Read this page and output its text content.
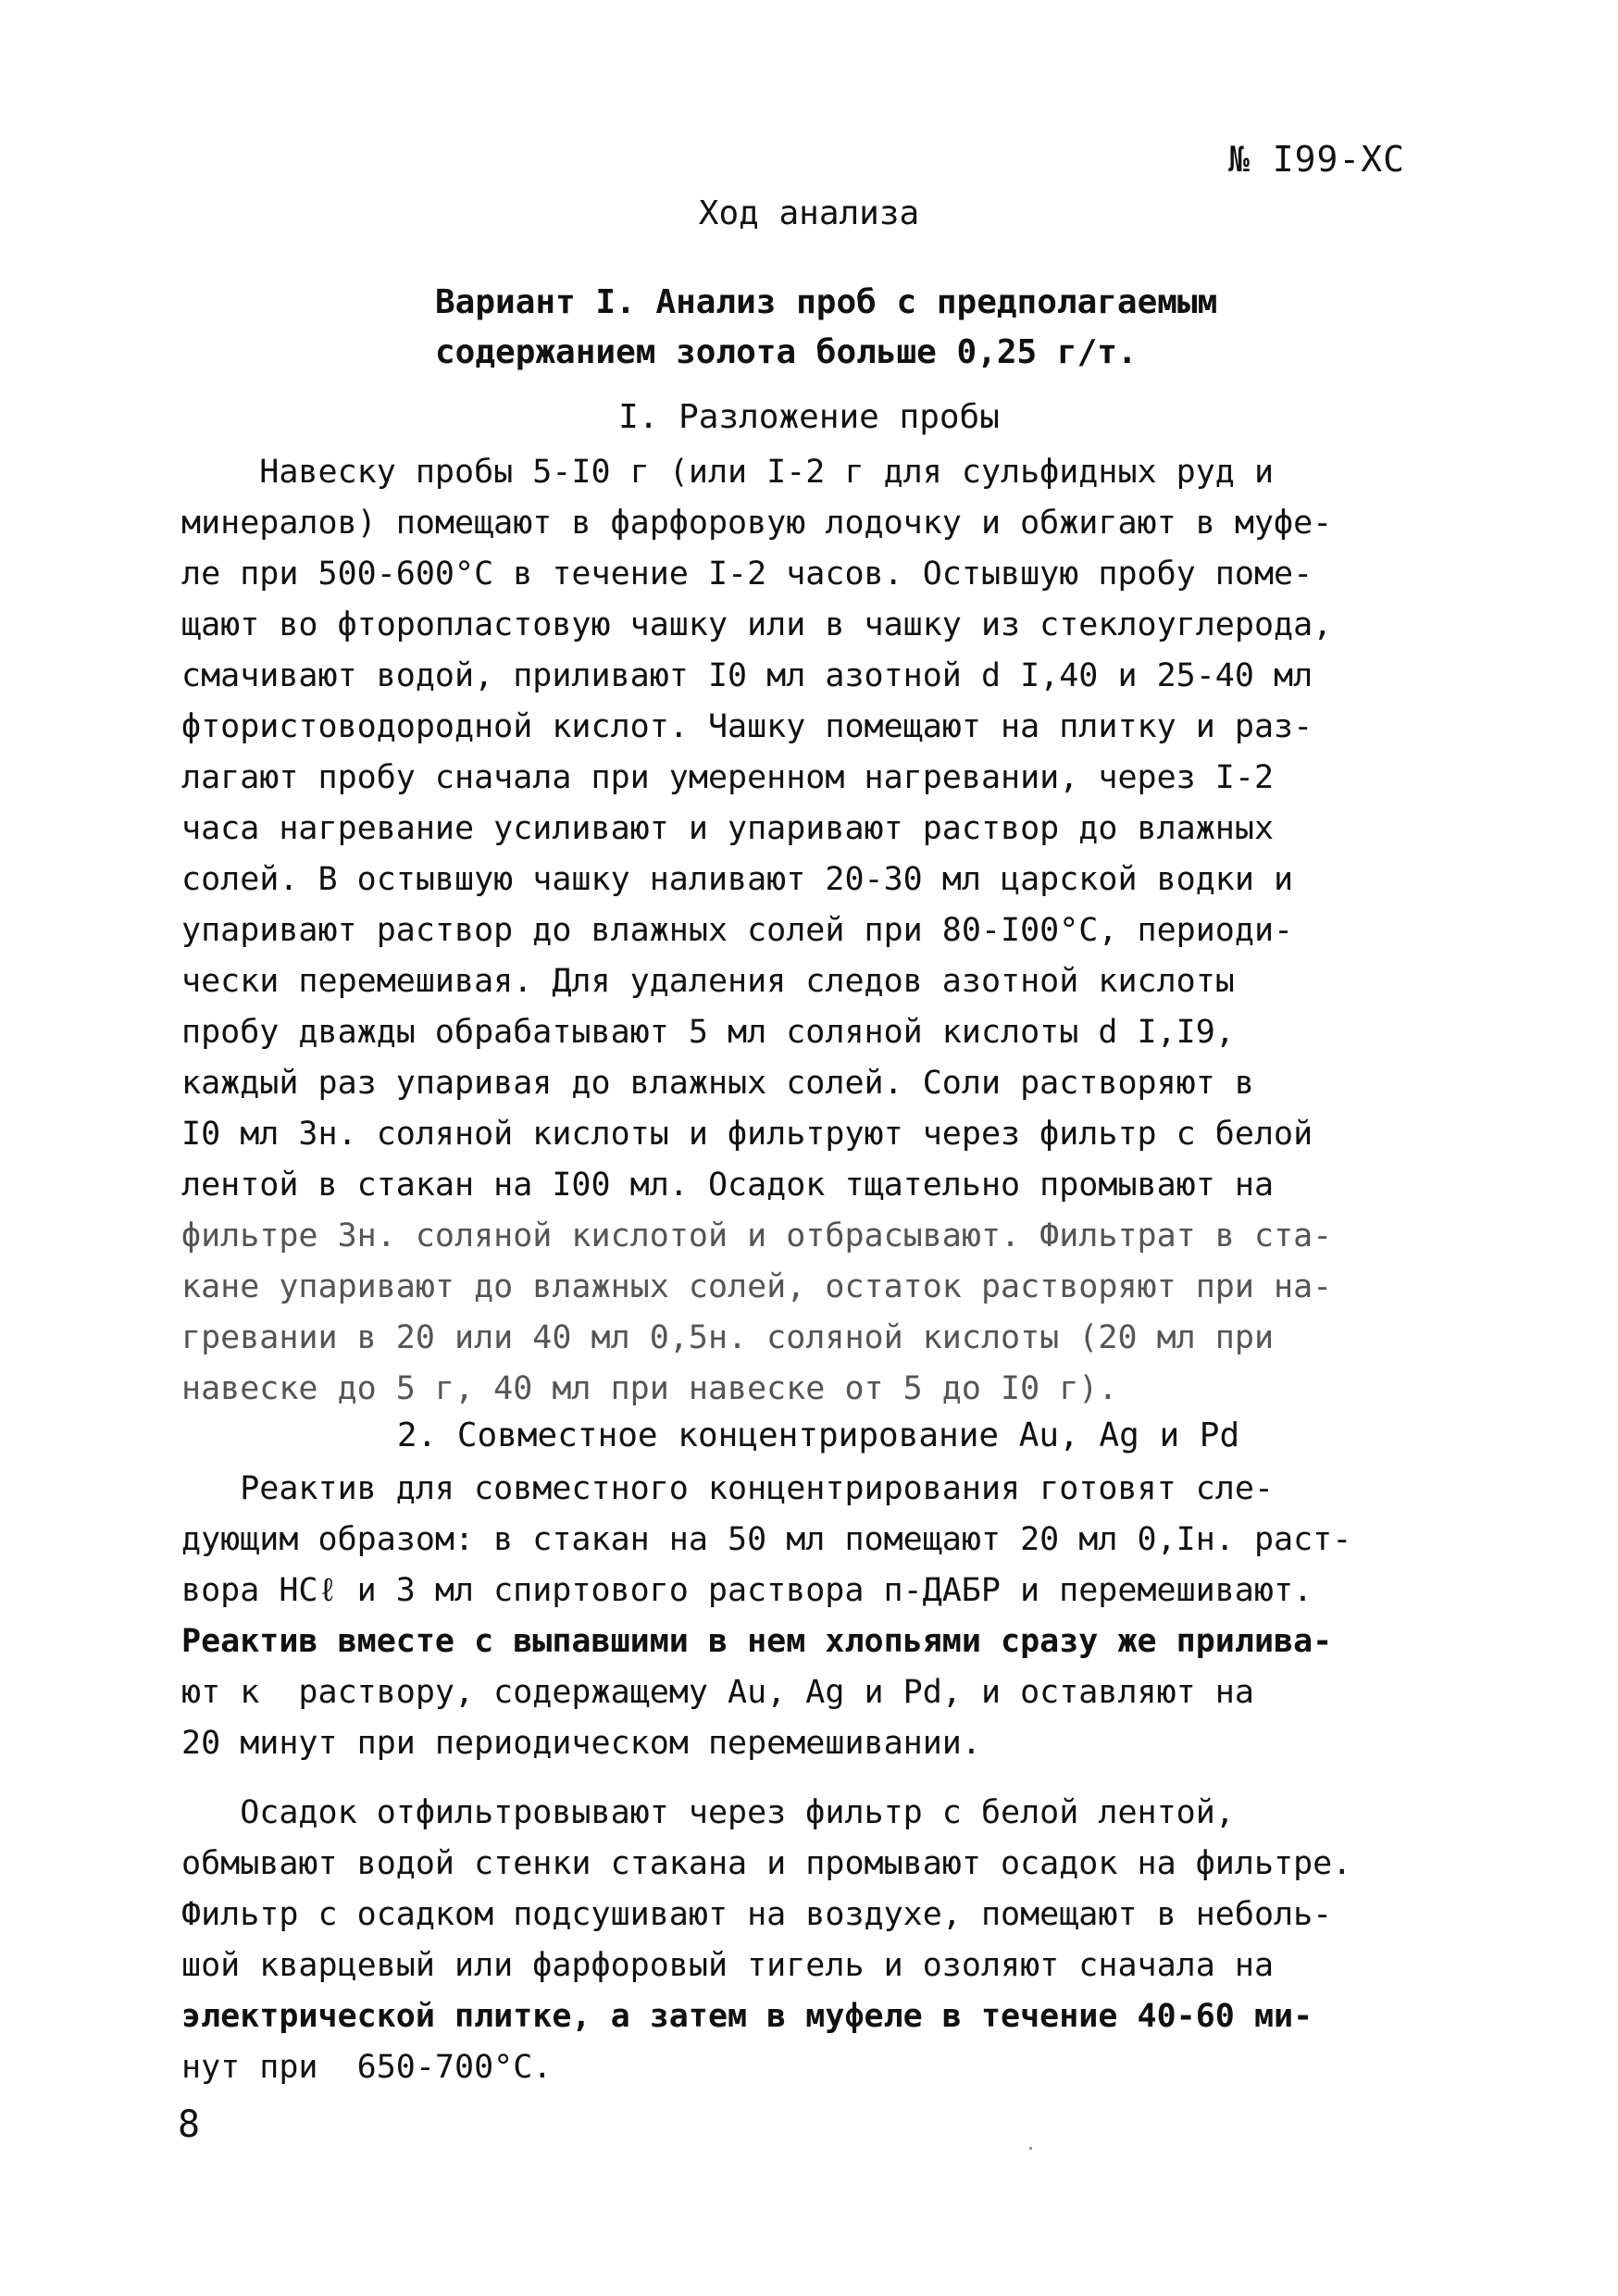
№ I99-ХС
Ход анализа
Вариант I. Анализ проб с предполагаемым
содержанием золота больше 0,25 г/т.
I. Разложение пробы
Навеску пробы 5-I0 г (или I-2 г для сульфидных руд и
минералов) помещают в фарфоровую лодочку и обжигают в муфе-
ле при 500-600°С в течение I-2 часов. Остывшую пробу поме-
щают во фторопластовую чашку или в чашку из стеклоуглерода,
смачивают водой, приливают I0 мл азотной d I,40 и 25-40 мл
фтористоводородной кислот. Чашку помещают на плитку и раз-
лагают пробу сначала при умеренном нагревании, через I-2
часа нагревание усиливают и упаривают раствор до влажных
солей. В остывшую чашку наливают 20-30 мл царской водки и
упаривают раствор до влажных солей при 80-I00°С, периоди-
чески перемешивая. Для удаления следов азотной кислоты
пробу дважды обрабатывают 5 мл соляной кислоты d I,I9,
каждый раз упаривая до влажных солей. Соли растворяют в
I0 мл 3н. соляной кислоты и фильтруют через фильтр с белой
лентой в стакан на I00 мл. Осадок тщательно промывают на
фильтре 3н. соляной кислотой и отбрасывают. Фильтрат в ста-
кане упаривают до влажных солей, остаток растворяют при на-
гревании в 20 или 40 мл 0,5н. соляной кислоты (20 мл при
навеске до 5 г, 40 мл при навеске от 5 до I0 г).
2. Совместное концентрирование Au, Ag и Pd
Реактив для совместного концентрирования готовят сле-
дующим образом: в стакан на 50 мл помещают 20 мл 0,Iн. раст-
вора HCℓ и 3 мл спиртового раствора п-ДАБР и перемешивают.
Реактив вместе с выпавшими в нем хлопьями сразу же прилива-
ют к  раствору, содержащему Au, Ag и Pd, и оставляют на
20 минут при периодическом перемешивании.
Осадок отфильтровывают через фильтр с белой лентой,
обмывают водой стенки стакана и промывают осадок на фильтре.
Фильтр с осадком подсушивают на воздухе, помещают в неболь-
шой кварцевый или фарфоровый тигель и озоляют сначала на
электрической плитке, а затем в муфеле в течение 40-60 ми-
нут при  650-700°С.
8
